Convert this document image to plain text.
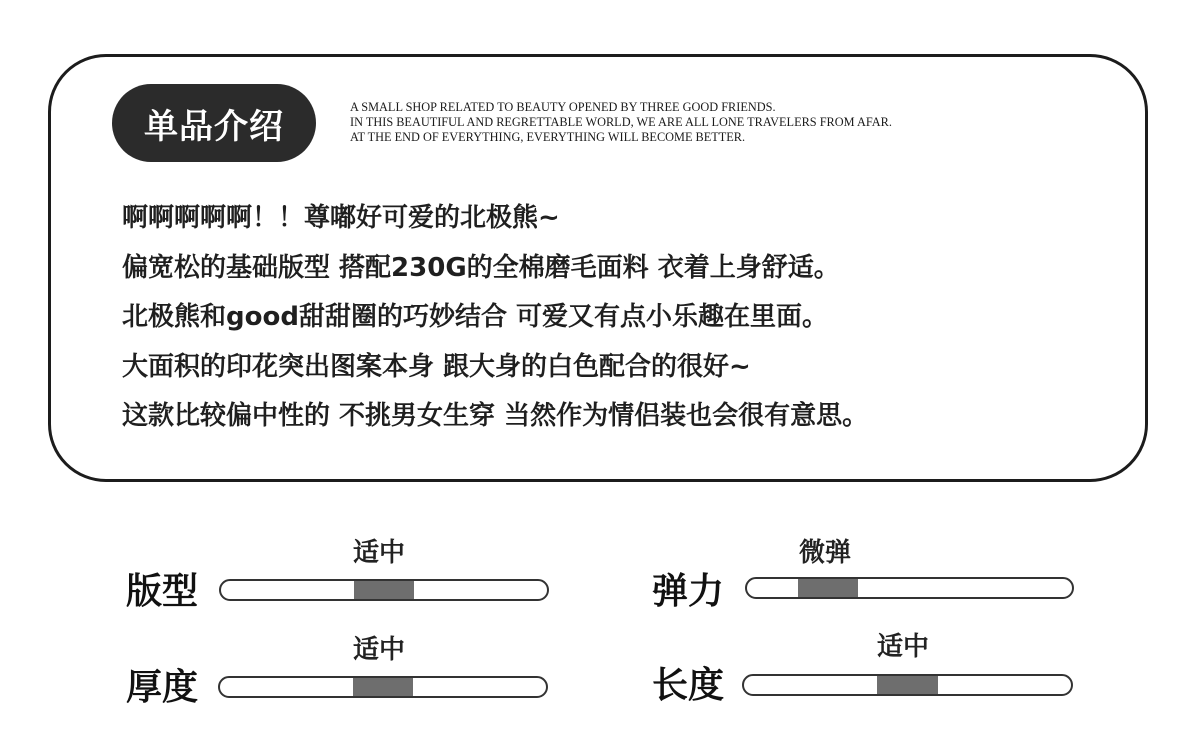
单品介绍	A SMALL SHOP RELATED TO BEAUTY OPENED BY THREE GOOD FRIENDS.
IN THIS BEAUTIFUL AND REGRETTABLE WORLD, WE ARE ALL LONE TRAVELERS FROM AFAR.
AT THE END OF EVERYTHING, EVERYTHING WILL BECOME BETTER.
啊啊啊啊啊！！尊嘟好可爱的北极熊~
偏宽松的基础版型 搭配230G的全棉磨毛面料 衣着上身舒适。
北极熊和good甜甜圈的巧妙结合 可爱又有点小乐趣在里面。
大面积的印花突出图案本身 跟大身的白色配合的很好~
这款比较偏中性的 不挑男女生穿 当然作为情侣装也会很有意思。
版型
适中
弹力
微弹
厚度
适中
长度
适中
